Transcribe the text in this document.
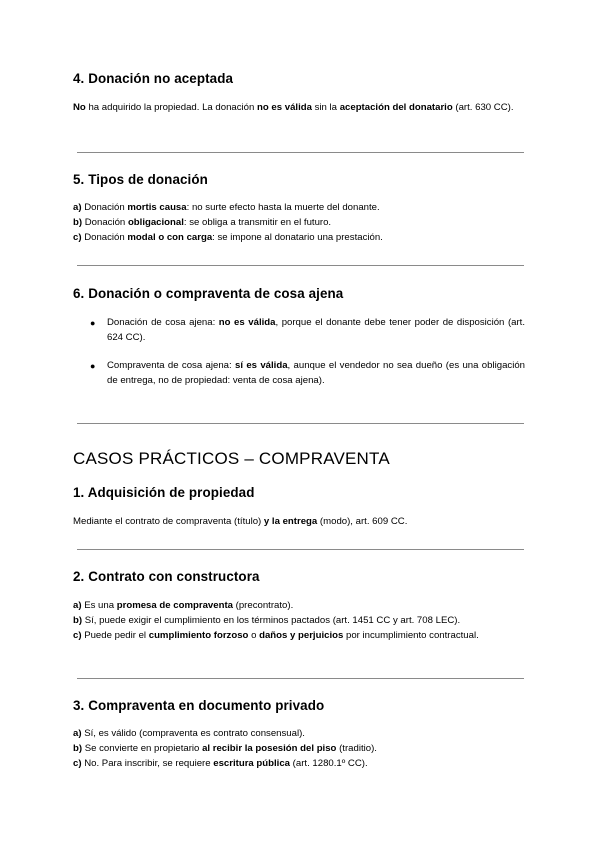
4. Donación no aceptada

No ha adquirido la propiedad. La donación no es válida sin la aceptación del donatario (art. 630 CC).

5. Tipos de donación

a) Donación mortis causa: no surte efecto hasta la muerte del donante.

b) Donación obligacional: se obliga a transmitir en el futuro.

c) Donación modal o con carga: se impone al donatario una prestación.

6. Donación o compraventa de cosa ajena
● Donación de cosa ajena: no es válida, porque el donante debe tener poder de disposición (art. 624 CC).

● Compraventa de cosa ajena: sí es válida, aunque el vendedor no sea dueño (es una obligación de entrega, no de propiedad: venta de cosa ajena).

CASOS PRÁCTICOS – COMPRAVENTA
1. Adquisición de propiedad

Mediante el contrato de compraventa (título) y la entrega (modo), art. 609 CC.

2. Contrato con constructora

a) Es una promesa de compraventa (precontrato).

b) Sí, puede exigir el cumplimiento en los términos pactados (art. 1451 CC y art. 708 LEC).

c) Puede pedir el cumplimiento forzoso o daños y perjuicios por incumplimiento contractual.

3. Compraventa en documento privado

a) Sí, es válido (compraventa es contrato consensual).

b) Se convierte en propietario al recibir la posesión del piso (traditio).

c) No. Para inscribir, se requiere escritura pública (art. 1280.1º CC).
